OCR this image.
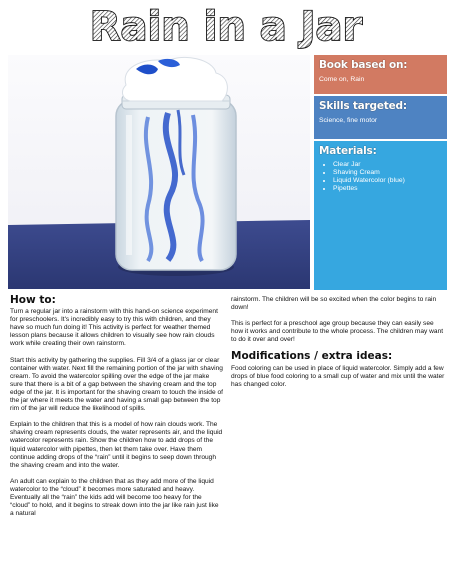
Rain in a Jar
Book based on:

Come on, Rain

Skills targeted:

Science, fine motor

Materials:
• Clear Jar
• Shaving Cream
• Liquid Watercolor (blue)
• Pipettes
How to:

Turn a regular jar into a rainstorm with this hand-on science experiment for preschoolers. It's incredibly easy to try this with children, and they have so much fun doing it! This activity is perfect for weather themed lesson plans because it allows children to visually see how rain clouds work while creating their own rainstorm.

Start this activity by gathering the supplies. Fill 3/4 of a glass jar or clear container with water. Next fill the remaining portion of the jar with shaving cream. To avoid the watercolor spilling over the edge of the jar make sure that there is a bit of a gap between the shaving cream and the top edge of the jar. It is important for the shaving cream to touch the inside of the jar where it meets the water and having a small gap between the top rim of the jar will reduce the likelihood of spills.

Explain to the children that this is a model of how rain clouds work. The shaving cream represents clouds, the water represents air, and the liquid watercolor represents rain. Show the children how to add drops of the liquid watercolor with pipettes, then let them take over. Have them continue adding drops of the “rain” until it begins to seep down through the shaving cream and into the water.

An adult can explain to the children that as they add more of the liquid watercolor to the “cloud” it becomes more saturated and heavy. Eventually all the “rain” the kids add will become too heavy for the “cloud” to hold, and it begins to streak down into the jar like rain just like a natural

rainstorm. The children will be so excited when the color begins to rain down!

This is perfect for a preschool age group because they can easily see how it works and contribute to the whole process. The children may want to do it over and over!

Modifications / extra ideas:

Food coloring can be used in place of liquid watercolor. Simply add a few drops of blue food coloring to a small cup of water and mix until the water has changed color.
